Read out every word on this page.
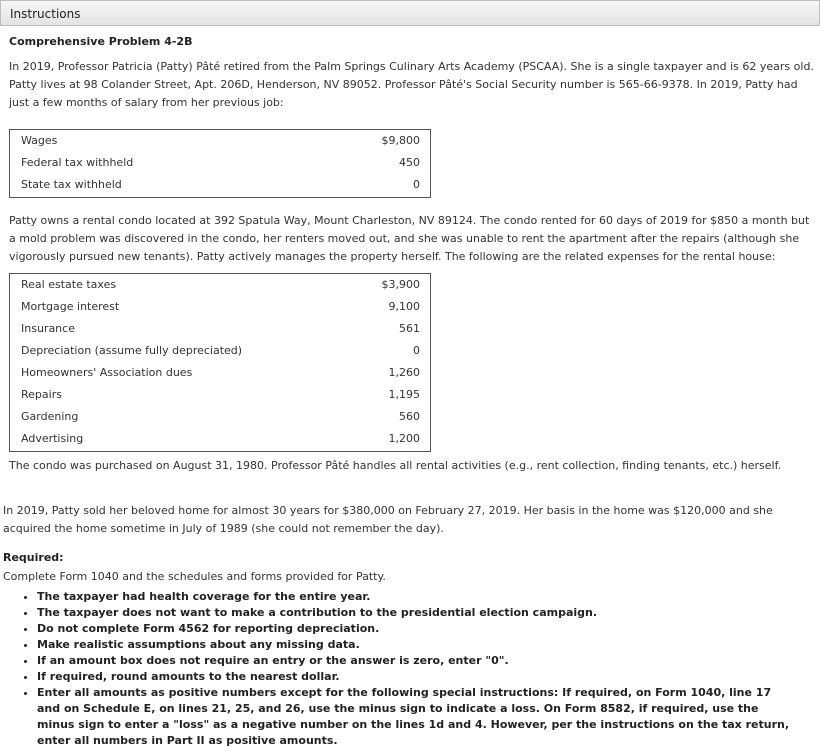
Instructions
Comprehensive Problem 4-2B

In 2019, Professor Patricia (Patty) Pâté retired from the Palm Springs Culinary Arts Academy (PSCAA). She is a single taxpayer and is 62 years old. Patty lives at 98 Colander Street, Apt. 206D, Henderson, NV 89052. Professor Pâté's Social Security number is 565-66-9378. In 2019, Patty had just a few months of salary from her previous job:

Wages	$9,800
Federal tax withheld	450
State tax withheld	0

Patty owns a rental condo located at 392 Spatula Way, Mount Charleston, NV 89124. The condo rented for 60 days of 2019 for $850 a month but a mold problem was discovered in the condo, her renters moved out, and she was unable to rent the apartment after the repairs (although she vigorously pursued new tenants). Patty actively manages the property herself. The following are the related expenses for the rental house:

Real estate taxes	$3,900
Mortgage interest	9,100
Insurance	561
Depreciation (assume fully depreciated)	0
Homeowners' Association dues	1,260
Repairs	1,195
Gardening	560
Advertising	1,200

The condo was purchased on August 31, 1980. Professor Pâté handles all rental activities (e.g., rent collection, finding tenants, etc.) herself.

In 2019, Patty sold her beloved home for almost 30 years for $380,000 on February 27, 2019. Her basis in the home was $120,000 and she acquired the home sometime in July of 1989 (she could not remember the day).

Required:
Complete Form 1040 and the schedules and forms provided for Patty.
• The taxpayer had health coverage for the entire year.
• The taxpayer does not want to make a contribution to the presidential election campaign.
• Do not complete Form 4562 for reporting depreciation.
• Make realistic assumptions about any missing data.
• If an amount box does not require an entry or the answer is zero, enter "0".
• If required, round amounts to the nearest dollar.
• Enter all amounts as positive numbers except for the following special instructions: If required, on Form 1040, line 17 and on Schedule E, on lines 21, 25, and 26, use the minus sign to indicate a loss. On Form 8582, if required, use the minus sign to enter a "loss" as a negative number on the lines 1d and 4. However, per the instructions on the tax return, enter all numbers in Part II as positive amounts.
